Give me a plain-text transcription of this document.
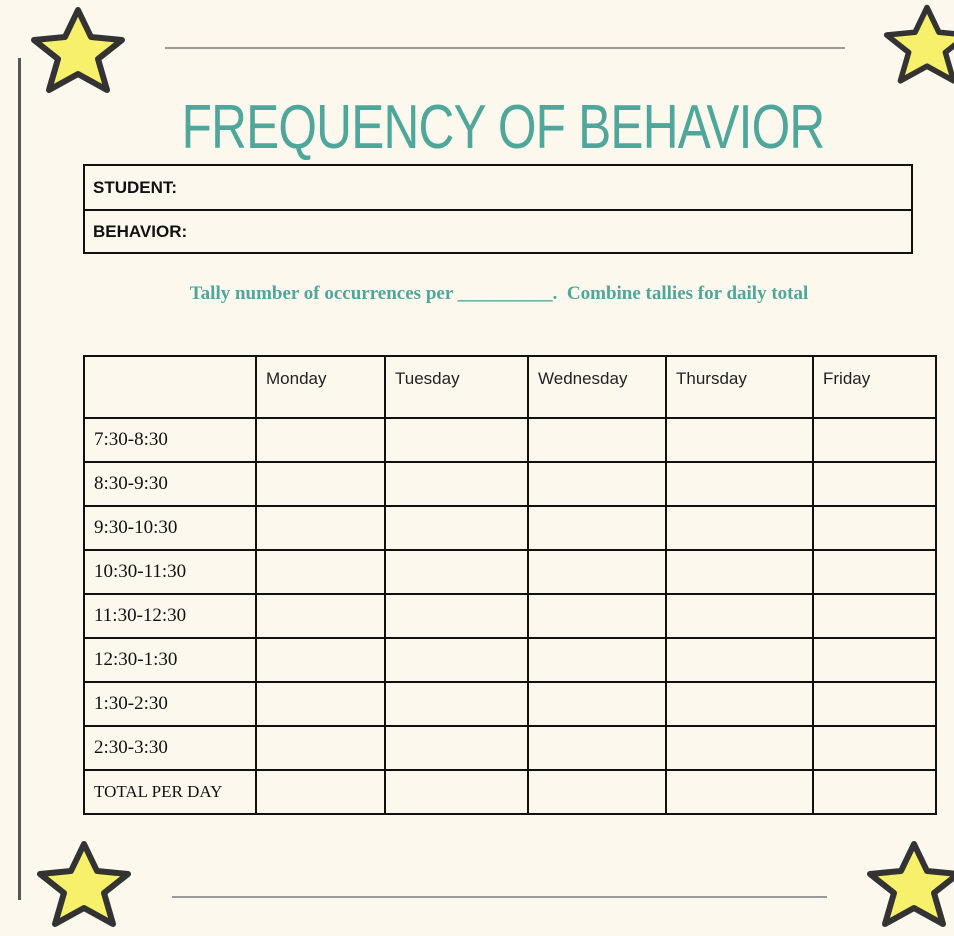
FREQUENCY OF BEHAVIOR
STUDENT:
BEHAVIOR:
Tally number of occurrences per __________.  Combine tallies for daily total
	Monday	Tuesday	Wednesday	Thursday	Friday
7:30-8:30					
8:30-9:30					
9:30-10:30					
10:30-11:30					
11:30-12:30					
12:30-1:30					
1:30-2:30					
2:30-3:30					
TOTAL PER DAY					
